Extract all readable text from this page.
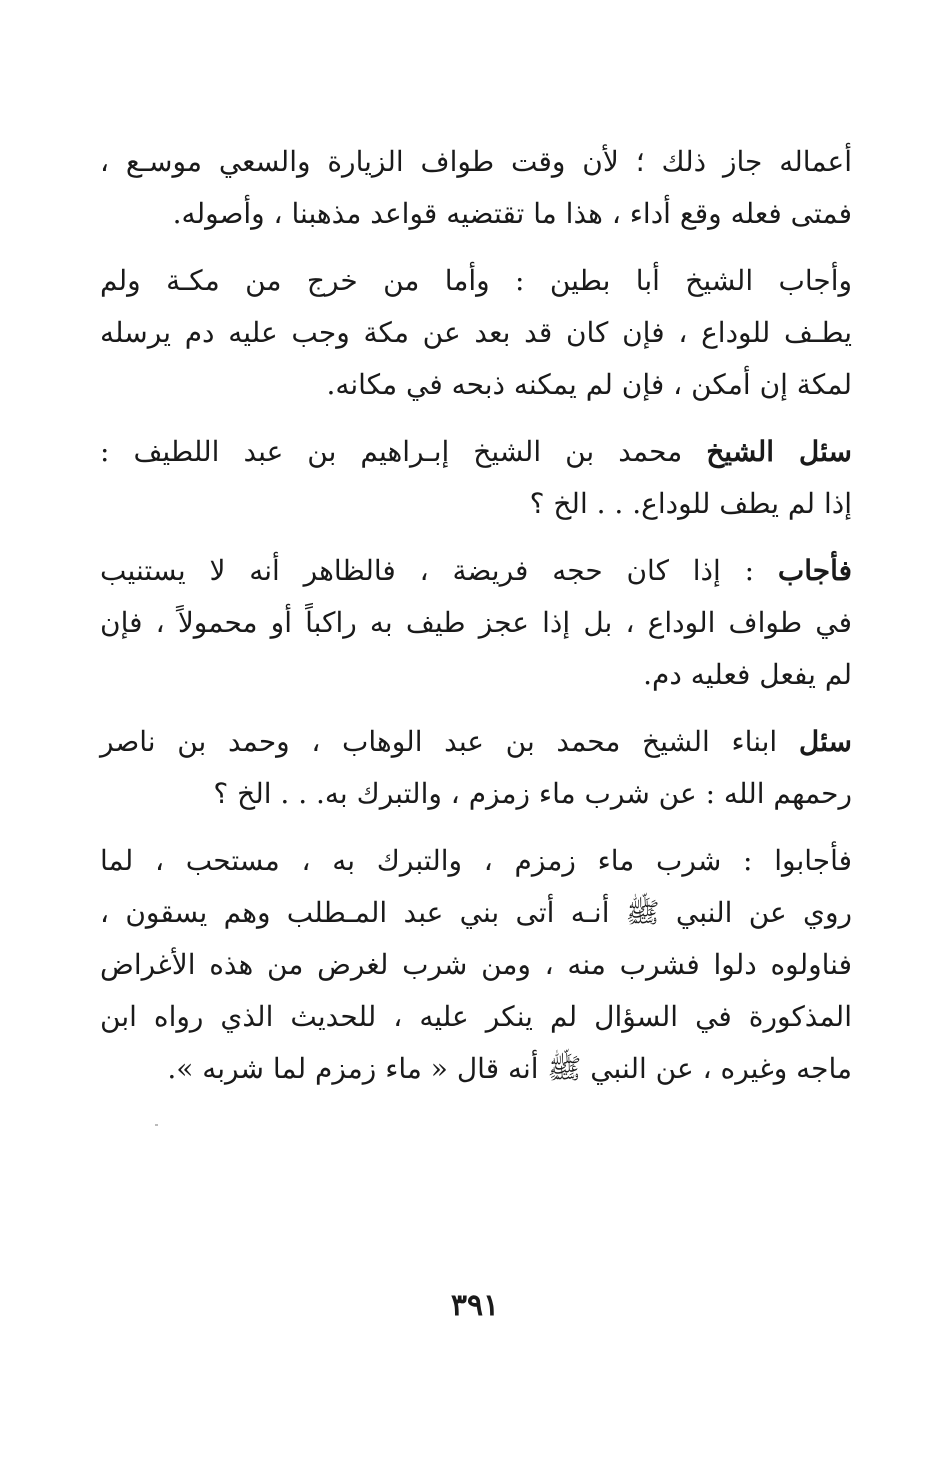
أعماله جاز ذلك ؛ لأن وقت طواف الزيارة والسعي موسـع ،
فمتى فعله وقع أداء ، هذا ما تقتضيه قواعد مذهبنا ، وأصوله.
وأجاب الشيخ أبا بطين : وأما من خرج من مكـة ولم
يطـف للوداع ، فإن كان قد بعد عن مكة وجب عليه دم يرسله
لمكة إن أمكن ، فإن لم يمكنه ذبحه في مكانه.
سئل الشيخ محمد بن الشيخ إبـراهيم بن عبد اللطيف :
إذا لم يطف للوداع. . . الخ ؟
فأجاب : إذا كان حجه فريضة ، فالظاهر أنه لا يستنيب
في طواف الوداع ، بل إذا عجز طيف به راكباً أو محمولاً ، فإن
لم يفعل فعليه دم.
سئل ابناء الشيخ محمد بن عبد الوهاب ، وحمد بن ناصر
رحمهم الله : عن شرب ماء زمزم ، والتبرك به. . . الخ ؟
فأجابوا : شرب ماء زمزم ، والتبرك به ، مستحب ، لما
روي عن النبي ﷺ أنـه أتى بني عبد المـطلب وهم يسقون ،
فناولوه دلوا فشرب منه ، ومن شرب لغرض من هذه الأغراض
المذكورة في السؤال لم ينكر عليه ، للحديث الذي رواه ابن
ماجه وغيره ، عن النبي ﷺ أنه قال « ماء زمزم لما شربه ».
٣٩١
